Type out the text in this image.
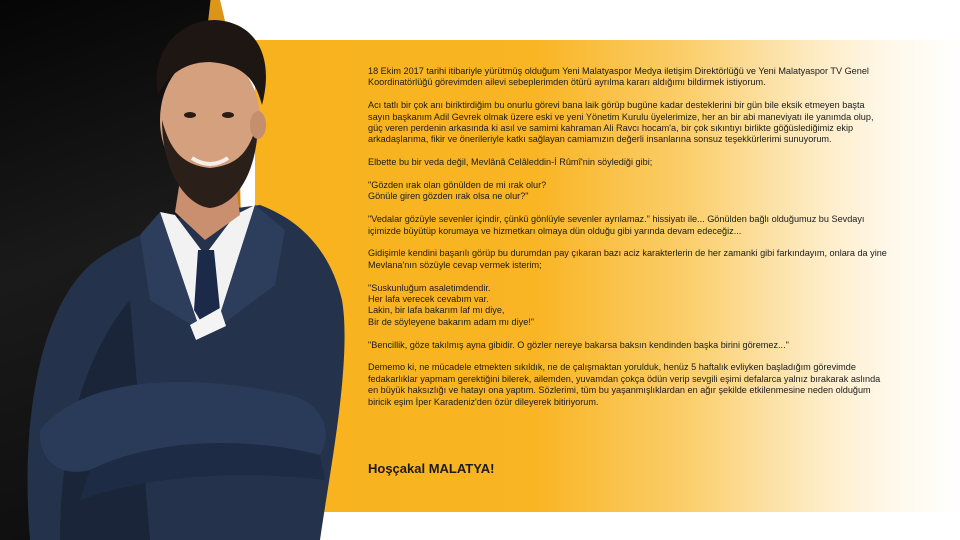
18 Ekim 2017 tarihi itibariyle yürütmüş olduğum Yeni Malatyaspor Medya iletişim Direktörlüğü ve Yeni Malatyaspor TV Genel Koordinatörlüğü görevimden ailevi sebeplerimden ötürü ayrılma kararı aldığımı bildirmek istiyorum.

Acı tatlı bir çok anı biriktirdiğim bu onurlu görevi bana laik görüp bugüne kadar desteklerini bir gün bile eksik etmeyen başta sayın başkanım Adil Gevrek olmak üzere eski ve yeni Yönetim Kurulu üyelerimize, her an bir abi maneviyatı ile yanımda olup, güç veren perdenin arkasında ki asıl ve samimi kahraman Ali Ravcı hocam'a, bir çok sıkıntıyı birlikte göğüslediğimiz ekip arkadaşlarıma, fikir ve önerileriyle katkı sağlayan camiamızın değerli insanlarına sonsuz teşekkürlerimi sunuyorum.

Elbette bu bir veda değil, Mevlânâ Celâleddin-İ Rûmî'nin söylediği gibi;

"Gözden ırak olan gönülden de mi ırak olur?

Gönüle giren gözden ırak olsa ne olur?"

"Vedalar gözüyle sevenler içindir, çünkü gönlüyle sevenler ayrılamaz." hissiyatı ile... Gönülden bağlı olduğumuz bu Sevdayı içimizde büyütüp korumaya ve hizmetkarı olmaya dün olduğu gibi yarında devam edeceğiz...

Gidişimle kendini başarılı görüp bu durumdan pay çıkaran bazı aciz karakterlerin de her zamanki gibi farkındayım, onlara da yine Mevlana'nın sözüyle cevap vermek isterim;

"Suskunluğum asaletimdendir.

Her lafa verecek cevabım var.

Lakin, bir lafa bakarım laf mı diye,

Bir de söyleyene bakarım adam mı diye!"

"Bencillik, göze takılmış ayna gibidir. O gözler nereye bakarsa baksın kendinden başka birini göremez..."

Dememo ki, ne mücadele etmekten sıkıldık, ne de çalışmaktan yorulduk, henüz 5 haftalık evliyken başladığım görevimde fedakarlıklar yapmam gerektiğini bilerek, ailemden, yuvamdan çokça ödün verip sevgili eşimi defalarca yalnız bırakarak aslında en büyük haksızlığı ve hatayı ona yaptım. Sözlerimi, tüm bu yaşanmışlıklardan en ağır şekilde etkilenmesine neden olduğum biricik eşim İper Karadeniz'den özür dileyerek bitiriyorum.

Hoşçakal MALATYA!
